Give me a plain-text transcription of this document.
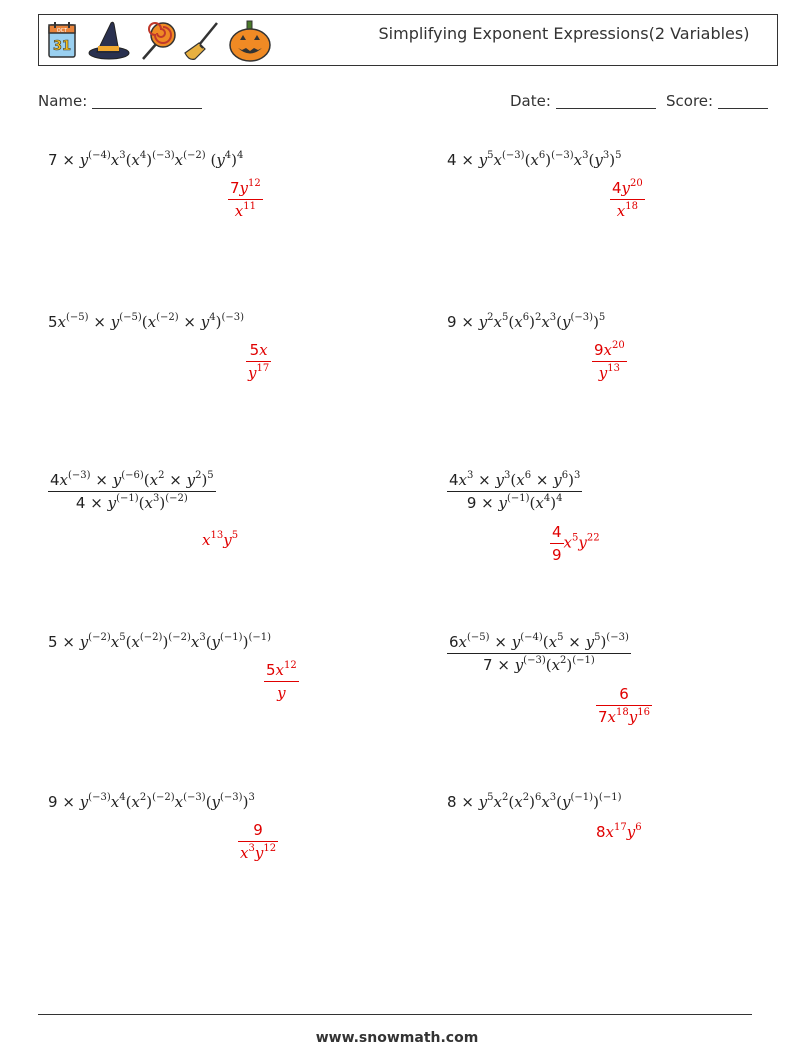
OCT
31
Simplifying Exponent Expressions(2 Variables)
Name:	Date:	Score:
$7 \times y^{(-4)}x^3(x^4)^{(-3)}x^{(-2)}$ $(y^4)^4$
$\frac{7y^{12}}{x^{11}}$
$4 \times y^5x^{(-3)}(x^6)^{(-3)}x^3(y^3)^5$
$\frac{4y^{20}}{x^{18}}$
$5x^{(-5)} \times y^{(-5)}(x^{(-2)} \times y^4)^{(-3)}$
$\frac{5x}{y^{17}}$
$9 \times y^2x^5(x^6)^2x^3(y^{(-3)})^5$
$\frac{9x^{20}}{y^{13}}$
$\frac{4x^{(-3)} \times y^{(-6)}(x^2 \times y^2)^5}{4 \times y^{(-1)}(x^3)^{(-2)}}$
$x^{13}y^5$
$\frac{4x^3 \times y^3(x^6 \times y^6)^3}{9 \times y^{(-1)}(x^4)^4}$
$\frac{4}{9} x^5y^{22}$
$5 \times y^{(-2)}x^5(x^{(-2)})^{(-2)}x^3(y^{(-1)})^{(-1)}$
$\frac{5x^{12}}{y}$
$\frac{6x^{(-5)} \times y^{(-4)}(x^5 \times y^5)^{(-3)}}{7 \times y^{(-3)}(x^2)^{(-1)}}$
$\frac{6}{7x^{18}y^{16}}$
$9 \times y^{(-3)}x^4(x^2)^{(-2)}x^{(-3)}(y^{(-3)})^3$
$\frac{9}{x^3y^{12}}$
$8 \times y^5x^2(x^2)^6x^3(y^{(-1)})^{(-1)}$
$8x^{17}y^6$
www.snowmath.com
